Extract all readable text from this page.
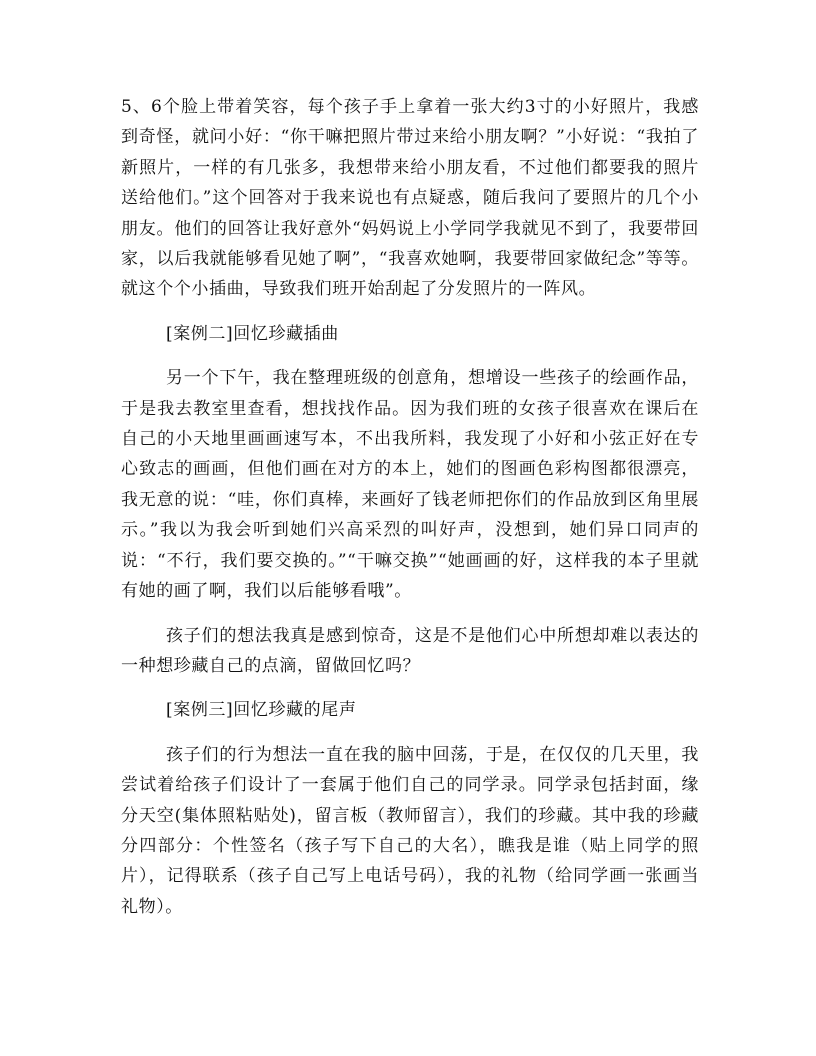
5、6个脸上带着笑容，每个孩子手上拿着一张大约3寸的小好照片，我感到奇怪，就问小好：“你干嘛把照片带过来给小朋友啊？”小好说：“我拍了新照片，一样的有几张多，我想带来给小朋友看，不过他们都要我的照片送给他们。”这个回答对于我来说也有点疑惑，随后我问了要照片的几个小朋友。他们的回答让我好意外“妈妈说上小学同学我就见不到了，我要带回家，以后我就能够看见她了啊”，“我喜欢她啊，我要带回家做纪念”等等。就这个个小插曲，导致我们班开始刮起了分发照片的一阵风。

[案例二]回忆珍藏插曲

另一个下午，我在整理班级的创意角，想增设一些孩子的绘画作品，于是我去教室里查看，想找找作品。因为我们班的女孩子很喜欢在课后在自己的小天地里画画速写本，不出我所料，我发现了小好和小弦正好在专心致志的画画，但他们画在对方的本上，她们的图画色彩构图都很漂亮，我无意的说：“哇，你们真棒，来画好了钱老师把你们的作品放到区角里展示。”我以为我会听到她们兴高采烈的叫好声，没想到，她们异口同声的说：“不行，我们要交换的。”“干嘛交换”“她画画的好，这样我的本子里就有她的画了啊，我们以后能够看哦”。

孩子们的想法我真是感到惊奇，这是不是他们心中所想却难以表达的一种想珍藏自己的点滴，留做回忆吗？

[案例三]回忆珍藏的尾声

孩子们的行为想法一直在我的脑中回荡，于是，在仅仅的几天里，我尝试着给孩子们设计了一套属于他们自己的同学录。同学录包括封面，缘分天空(集体照粘贴处)，留言板（教师留言），我们的珍藏。其中我的珍藏分四部分：个性签名（孩子写下自己的大名），瞧我是谁（贴上同学的照片），记得联系（孩子自己写上电话号码），我的礼物（给同学画一张画当礼物）。
